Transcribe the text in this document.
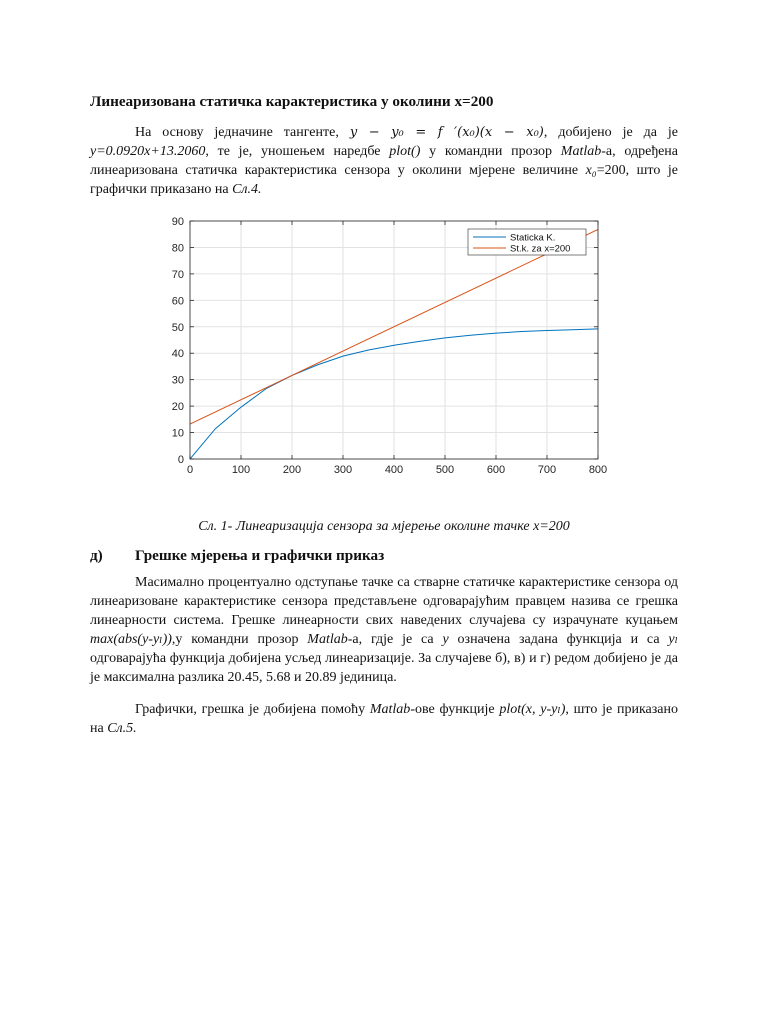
Линеаризована статичка карактеристика у околини x=200

На основу једначине тангенте, y − y₀ = f ′(x₀)(x − x₀), добијено је да је y=0.0920x+13.2060, те је, уношењем наредбе plot() у командни прозор Matlab-а, одређена линеаризована статичка карактеристика сензора у околини мјерене величине x₀=200, што је графички приказано на Сл.4.

0	100	200	300	400	500	600	700	800
0
10
20
30
40
50
60
70
80
90
Staticka K.
St.k. za x=200
Сл. 1- Линеаризација сензора за мјерење околине тачке x=200
д)	Грешке мјерења и графички приказ

Масимално процентуално одступање тачке са стварне статичке карактеристике сензора од линеаризоване карактеристике сензора представљене одговарајућим правцем назива се грешка линеарности система. Грешке линеарности свих наведених случајева су израчунате куцањем max(abs(y-yₗ)),у командни прозор Matlab-а, гдје је са y означена задана функција и са yₗ одговарајућа функција добијена усљед линеаризације. За случајеве б), в) и г) редом добијено је да је максимална разлика 20.45, 5.68 и 20.89 јединица.

Графички, грешка је добијена помоћу Matlab-ове функције plot(x, y-yₗ), што је приказано на Сл.5.
